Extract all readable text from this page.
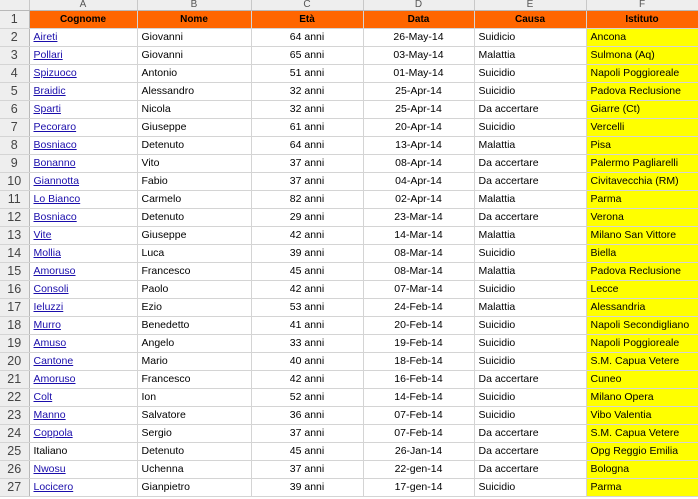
	A	B	C	D	E	F
1	Cognome	Nome	Età	Data	Causa	Istituto
2	Aireti	Giovanni	64 anni	26-May-14	Suidicio	Ancona
3	Pollari	Giovanni	65 anni	03-May-14	Malattia	Sulmona (Aq)
4	Spizuoco	Antonio	51 anni	01-May-14	Suicidio	Napoli Poggioreale
5	Braidic	Alessandro	32 anni	25-Apr-14	Suicidio	Padova Reclusione
6	Sparti	Nicola	32 anni	25-Apr-14	Da accertare	Giarre (Ct)
7	Pecoraro	Giuseppe	61 anni	20-Apr-14	Suicidio	Vercelli
8	Bosniaco	Detenuto	64 anni	13-Apr-14	Malattia	Pisa
9	Bonanno	Vito	37 anni	08-Apr-14	Da accertare	Palermo Pagliarelli
10	Giannotta	Fabio	37 anni	04-Apr-14	Da accertare	Civitavecchia (RM)
11	Lo Bianco	Carmelo	82 anni	02-Apr-14	Malattia	Parma
12	Bosniaco	Detenuto	29 anni	23-Mar-14	Da accertare	Verona
13	Vite	Giuseppe	42 anni	14-Mar-14	Malattia	Milano San Vittore
14	Mollia	Luca	39 anni	08-Mar-14	Suicidio	Biella
15	Amoruso	Francesco	45 anni	08-Mar-14	Malattia	Padova Reclusione
16	Consoli	Paolo	42 anni	07-Mar-14	Suicidio	Lecce
17	Ieluzzi	Ezio	53 anni	24-Feb-14	Malattia	Alessandria
18	Murro	Benedetto	41 anni	20-Feb-14	Suicidio	Napoli Secondigliano
19	Amuso	Angelo	33 anni	19-Feb-14	Suicidio	Napoli Poggioreale
20	Cantone	Mario	40 anni	18-Feb-14	Suicidio	S.M. Capua Vetere
21	Amoruso	Francesco	42 anni	16-Feb-14	Da accertare	Cuneo
22	Colt	Ion	52 anni	14-Feb-14	Suicidio	Milano Opera
23	Manno	Salvatore	36 anni	07-Feb-14	Suicidio	Vibo Valentia
24	Coppola	Sergio	37 anni	07-Feb-14	Da accertare	S.M. Capua Vetere
25	Italiano	Detenuto	45 anni	26-Jan-14	Da accertare	Opg Reggio Emilia
26	Nwosu	Uchenna	37 anni	22-gen-14	Da accertare	Bologna
27	Locicero	Gianpietro	39 anni	17-gen-14	Suicidio	Parma
